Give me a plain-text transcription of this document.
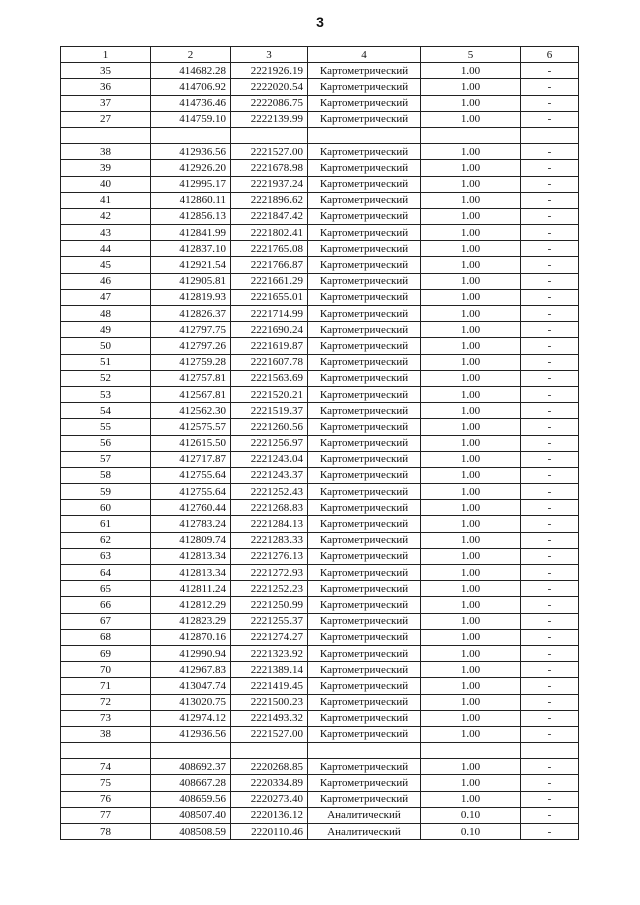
3
1	2	3	4	5	6
35	414682.28	2221926.19	Картометрический	1.00	-
36	414706.92	2222020.54	Картометрический	1.00	-
37	414736.46	2222086.75	Картометрический	1.00	-
27	414759.10	2222139.99	Картометрический	1.00	-

38	412936.56	2221527.00	Картометрический	1.00	-
39	412926.20	2221678.98	Картометрический	1.00	-
40	412995.17	2221937.24	Картометрический	1.00	-
41	412860.11	2221896.62	Картометрический	1.00	-
42	412856.13	2221847.42	Картометрический	1.00	-
43	412841.99	2221802.41	Картометрический	1.00	-
44	412837.10	2221765.08	Картометрический	1.00	-
45	412921.54	2221766.87	Картометрический	1.00	-
46	412905.81	2221661.29	Картометрический	1.00	-
47	412819.93	2221655.01	Картометрический	1.00	-
48	412826.37	2221714.99	Картометрический	1.00	-
49	412797.75	2221690.24	Картометрический	1.00	-
50	412797.26	2221619.87	Картометрический	1.00	-
51	412759.28	2221607.78	Картометрический	1.00	-
52	412757.81	2221563.69	Картометрический	1.00	-
53	412567.81	2221520.21	Картометрический	1.00	-
54	412562.30	2221519.37	Картометрический	1.00	-
55	412575.57	2221260.56	Картометрический	1.00	-
56	412615.50	2221256.97	Картометрический	1.00	-
57	412717.87	2221243.04	Картометрический	1.00	-
58	412755.64	2221243.37	Картометрический	1.00	-
59	412755.64	2221252.43	Картометрический	1.00	-
60	412760.44	2221268.83	Картометрический	1.00	-
61	412783.24	2221284.13	Картометрический	1.00	-
62	412809.74	2221283.33	Картометрический	1.00	-
63	412813.34	2221276.13	Картометрический	1.00	-
64	412813.34	2221272.93	Картометрический	1.00	-
65	412811.24	2221252.23	Картометрический	1.00	-
66	412812.29	2221250.99	Картометрический	1.00	-
67	412823.29	2221255.37	Картометрический	1.00	-
68	412870.16	2221274.27	Картометрический	1.00	-
69	412990.94	2221323.92	Картометрический	1.00	-
70	412967.83	2221389.14	Картометрический	1.00	-
71	413047.74	2221419.45	Картометрический	1.00	-
72	413020.75	2221500.23	Картометрический	1.00	-
73	412974.12	2221493.32	Картометрический	1.00	-
38	412936.56	2221527.00	Картометрический	1.00	-

74	408692.37	2220268.85	Картометрический	1.00	-
75	408667.28	2220334.89	Картометрический	1.00	-
76	408659.56	2220273.40	Картометрический	1.00	-
77	408507.40	2220136.12	Аналитический	0.10	-
78	408508.59	2220110.46	Аналитический	0.10	-
